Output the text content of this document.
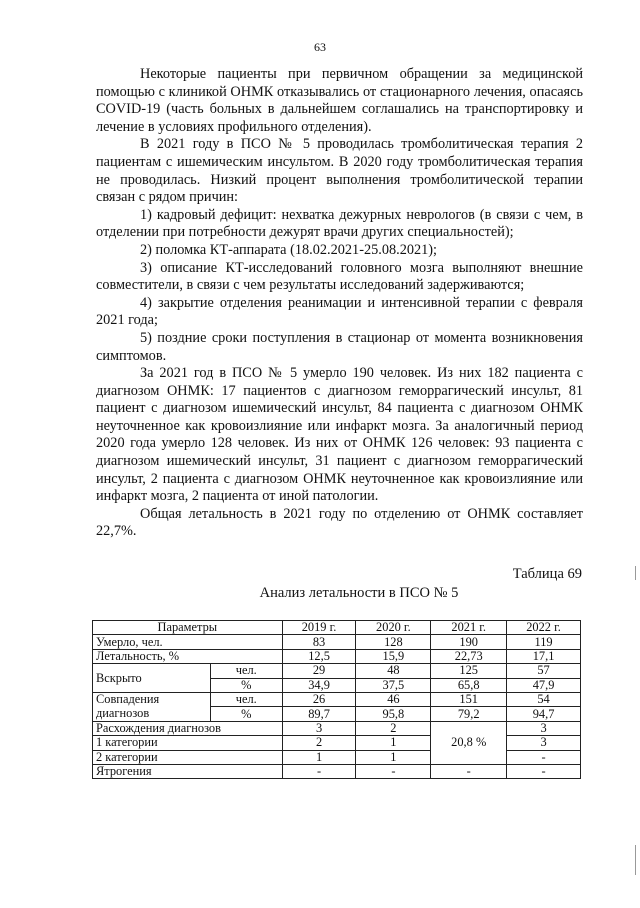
63

Некоторые пациенты при первичном обращении за медицинской помощью с клиникой ОНМК отказывались от стационарного лечения, опасаясь COVID-19 (часть больных в дальнейшем соглашались на транспортировку и лечение в условиях профильного отделения).

В 2021 году в ПСО № 5 проводилась тромболитическая терапия 2 пациентам с ишемическим инсультом. В 2020 году тромболитическая терапия не проводилась. Низкий процент выполнения тромболитической терапии связан с рядом причин:

1) кадровый дефицит: нехватка дежурных неврологов (в связи с чем, в отделении при потребности дежурят врачи других специальностей);

2) поломка КТ-аппарата (18.02.2021-25.08.2021);

3) описание КТ-исследований головного мозга выполняют внешние совместители, в связи с чем результаты исследований задерживаются;

4) закрытие отделения реанимации и интенсивной терапии с февраля 2021 года;

5) поздние сроки поступления в стационар от момента возникновения симптомов.

За 2021 год в ПСО № 5 умерло 190 человек. Из них 182 пациента с диагнозом ОНМК: 17 пациентов с диагнозом геморрагический инсульт, 81 пациент с диагнозом ишемический инсульт, 84 пациента с диагнозом ОНМК неуточненное как кровоизлияние или инфаркт мозга. За аналогичный период 2020 года умерло 128 человек. Из них от ОНМК 126 человек: 93 пациента с диагнозом ишемический инсульт, 31 пациент с диагнозом геморрагический инсульт, 2 пациента с диагнозом ОНМК неуточненное как кровоизлияние или инфаркт мозга, 2 пациента от иной патологии.

Общая летальность в 2021 году по отделению от ОНМК составляет 22,7%.

Таблица 69
Анализ летальности в ПСО № 5
Параметры		2019 г.	2020 г.	2021 г.	2022 г.
Умерло, чел.		83	128	190	119
Летальность, %		12,5	15,9	22,73	17,1
Вскрыто	чел.	29	48	125	57
	%	34,9	37,5	65,8	47,9
Совпадения	чел.	26	46	151	54
диагнозов	%	89,7	95,8	79,2	94,7
Расхождения диагнозов		3	2	20,8 %	3
1 категории		2	1		3
2 категории		1	1		-
Ятрогения		-	-	-	-
